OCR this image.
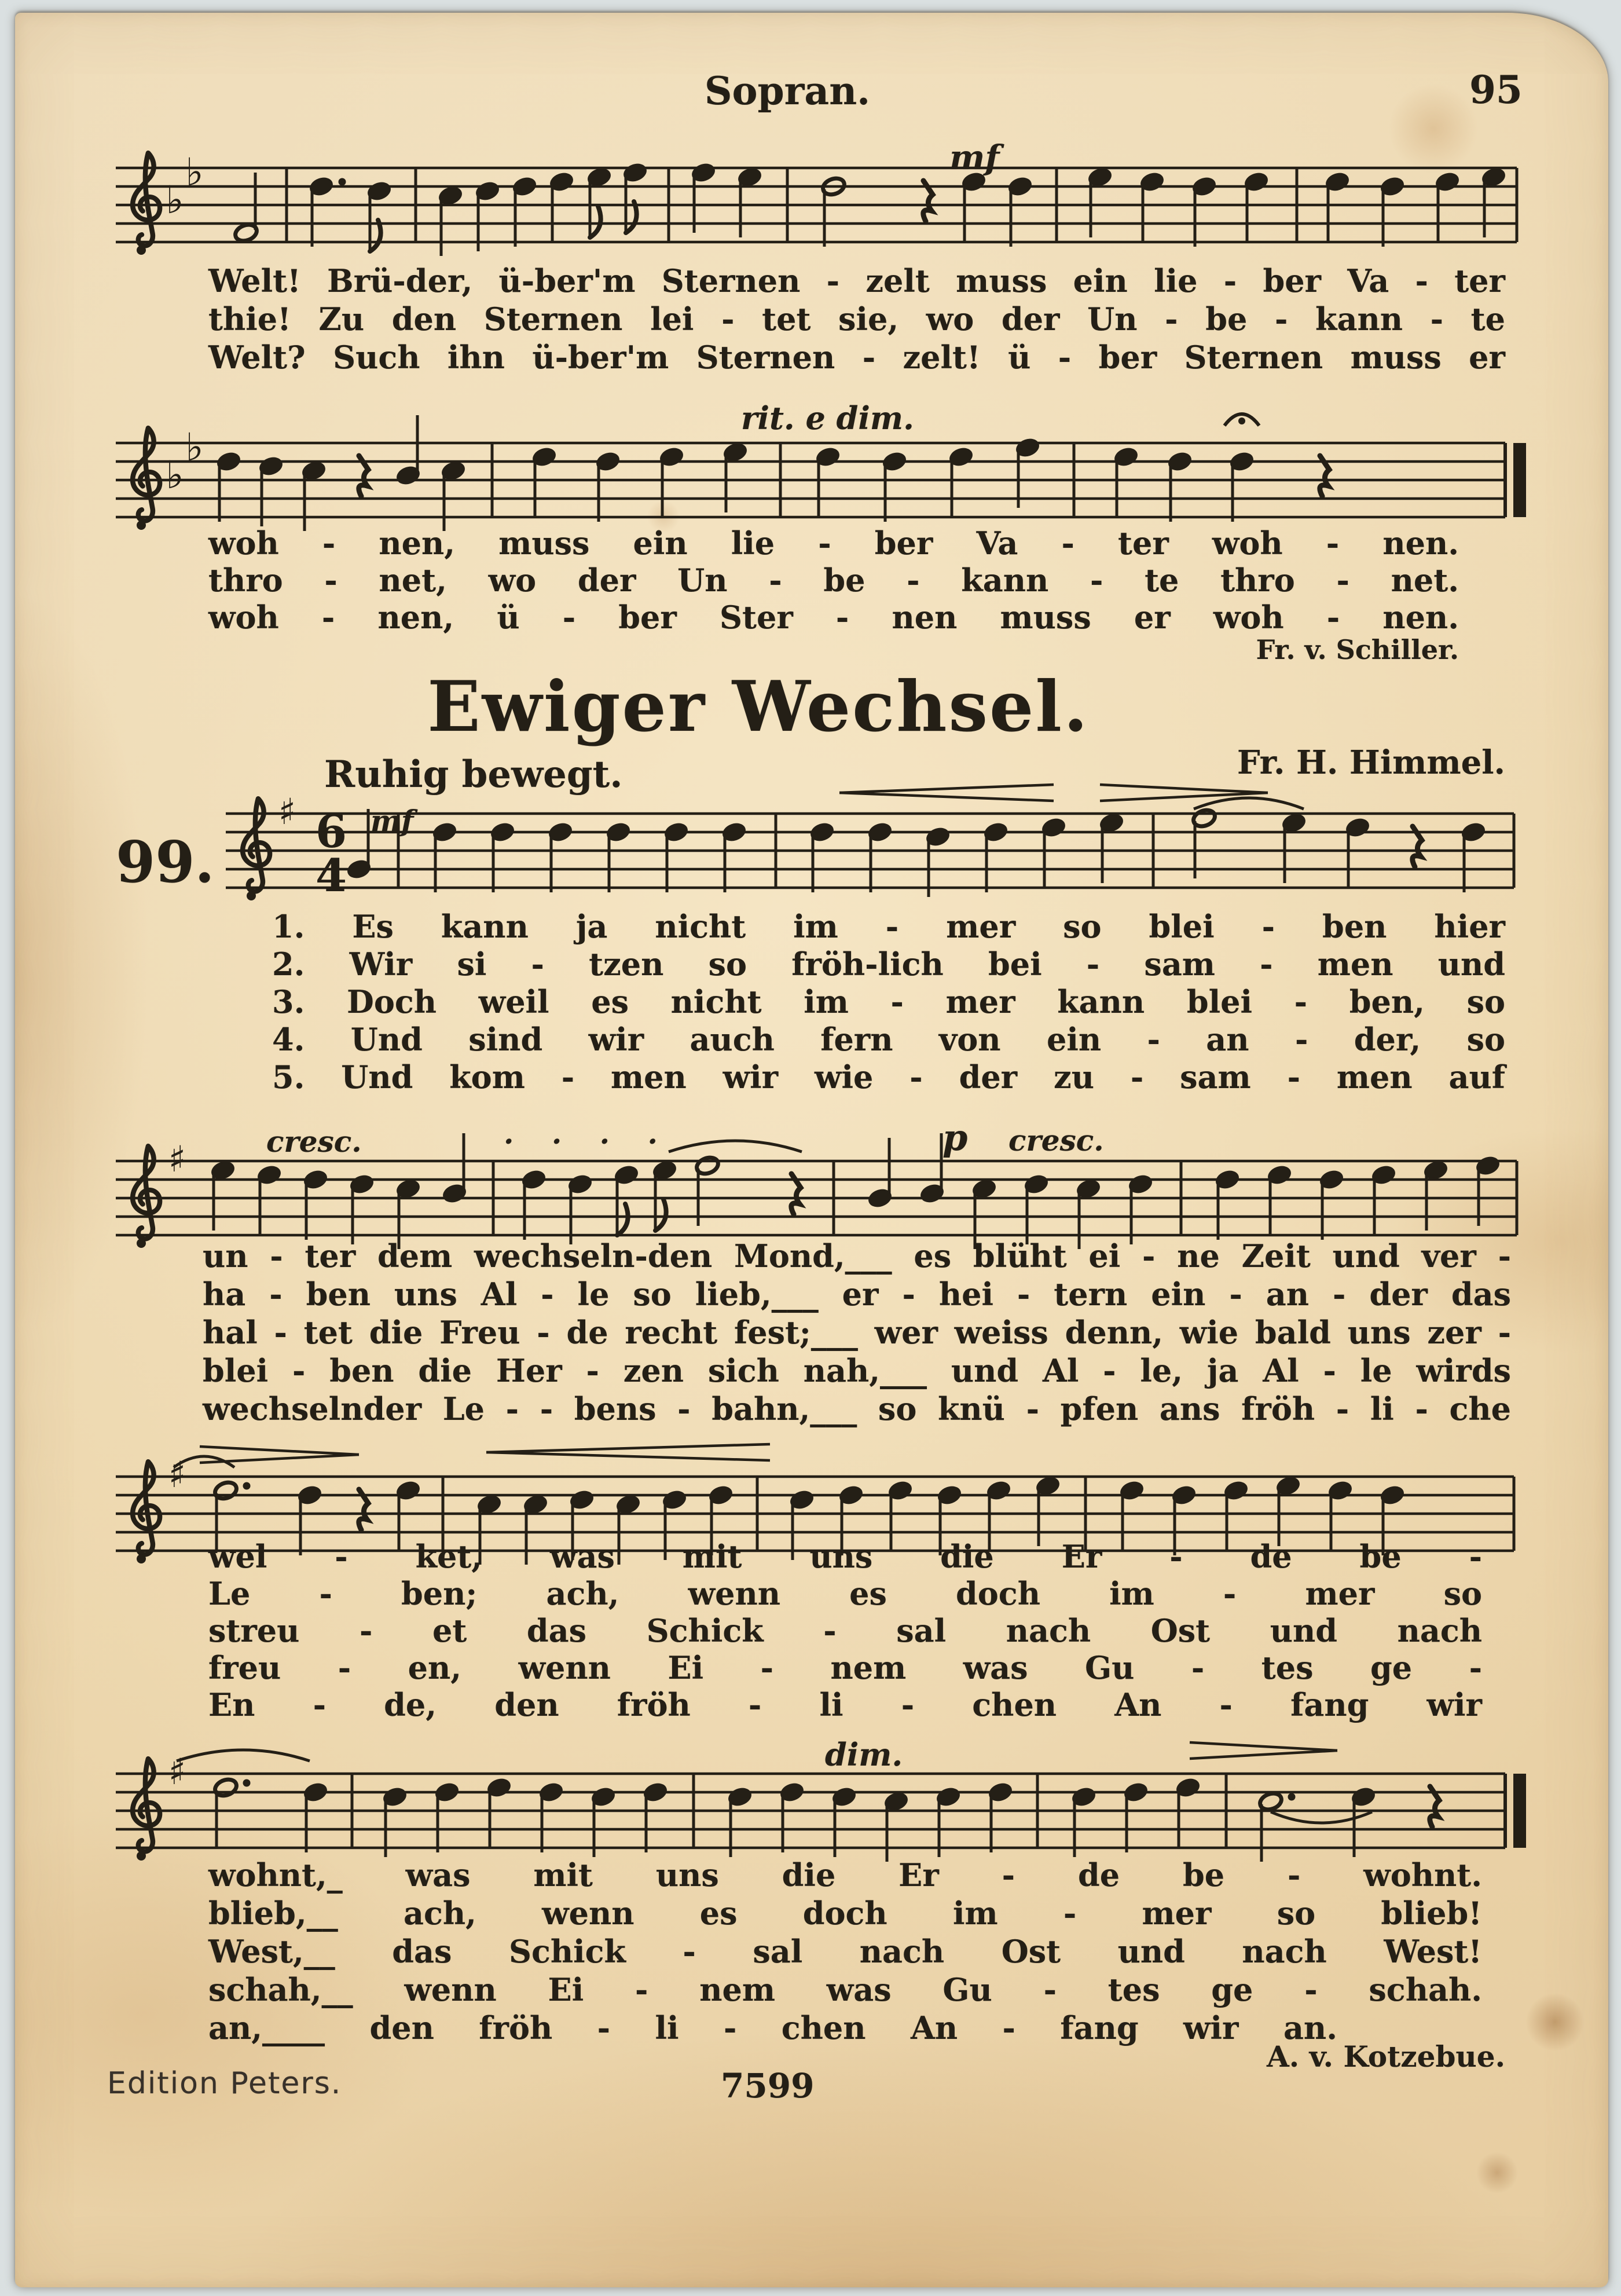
Sopran.	95
♭
♭	mf
Welt! Brü-der, ü-ber'm Sternen - zelt muss ein lie - ber Va - ter
thie! Zu den Sternen lei - tet sie, wo der Un - be - kann - te
Welt? Such ihn ü-ber'm Sternen - zelt! ü - ber Sternen muss er
rit. e dim.
♭
♭
woh - nen, muss ein lie - ber Va - ter woh - nen.
thro - net, wo der Un - be - kann - te thro - net.
woh - nen, ü - ber Ster - nen muss er woh - nen.
Fr. v. Schiller.
Ewiger Wechsel.
Ruhig bewegt.	Fr. H. Himmel.
99.
♯ 6
4
mf
1. Es kann ja nicht im - mer so blei - ben hier
2. Wir si - tzen so fröh-lich bei - sam - men und
3. Doch weil es nicht im - mer kann blei - ben, so
4. Und sind wir auch fern von ein - an - der, so
5. Und kom - men wir wie - der zu - sam - men auf
cresc.	. . . .	p cresc.
♯
un - ter dem wechseln-den Mond,___ es blüht ei - ne Zeit und ver -
ha - ben uns Al - le so lieb,___ er - hei - tern ein - an - der das
hal - tet die Freu - de recht fest;___ wer weiss denn, wie bald uns zer -
blei - ben die Her - zen sich nah,___ und Al - le, ja Al - le wirds
wechselnder Le - - bens - bahn,___ so knü - pfen ans fröh - li - che
♯
wel - ket, was mit uns die Er - de be -
Le - ben; ach, wenn es doch im - mer so
streu - et das Schick - sal nach Ost und nach
freu - en, wenn Ei - nem was Gu - tes ge -
En - de, den fröh - li - chen An - fang wir
dim.
♯
wohnt,_ was mit uns die Er - de be - wohnt.
blieb,__ ach, wenn es doch im - mer so blieb!
West,__ das Schick - sal nach Ost und nach West!
schah,__ wenn Ei - nem was Gu - tes ge - schah.
an,____ den fröh - li - chen An - fang wir an.
A. v. Kotzebue.
Edition Peters.	7599
